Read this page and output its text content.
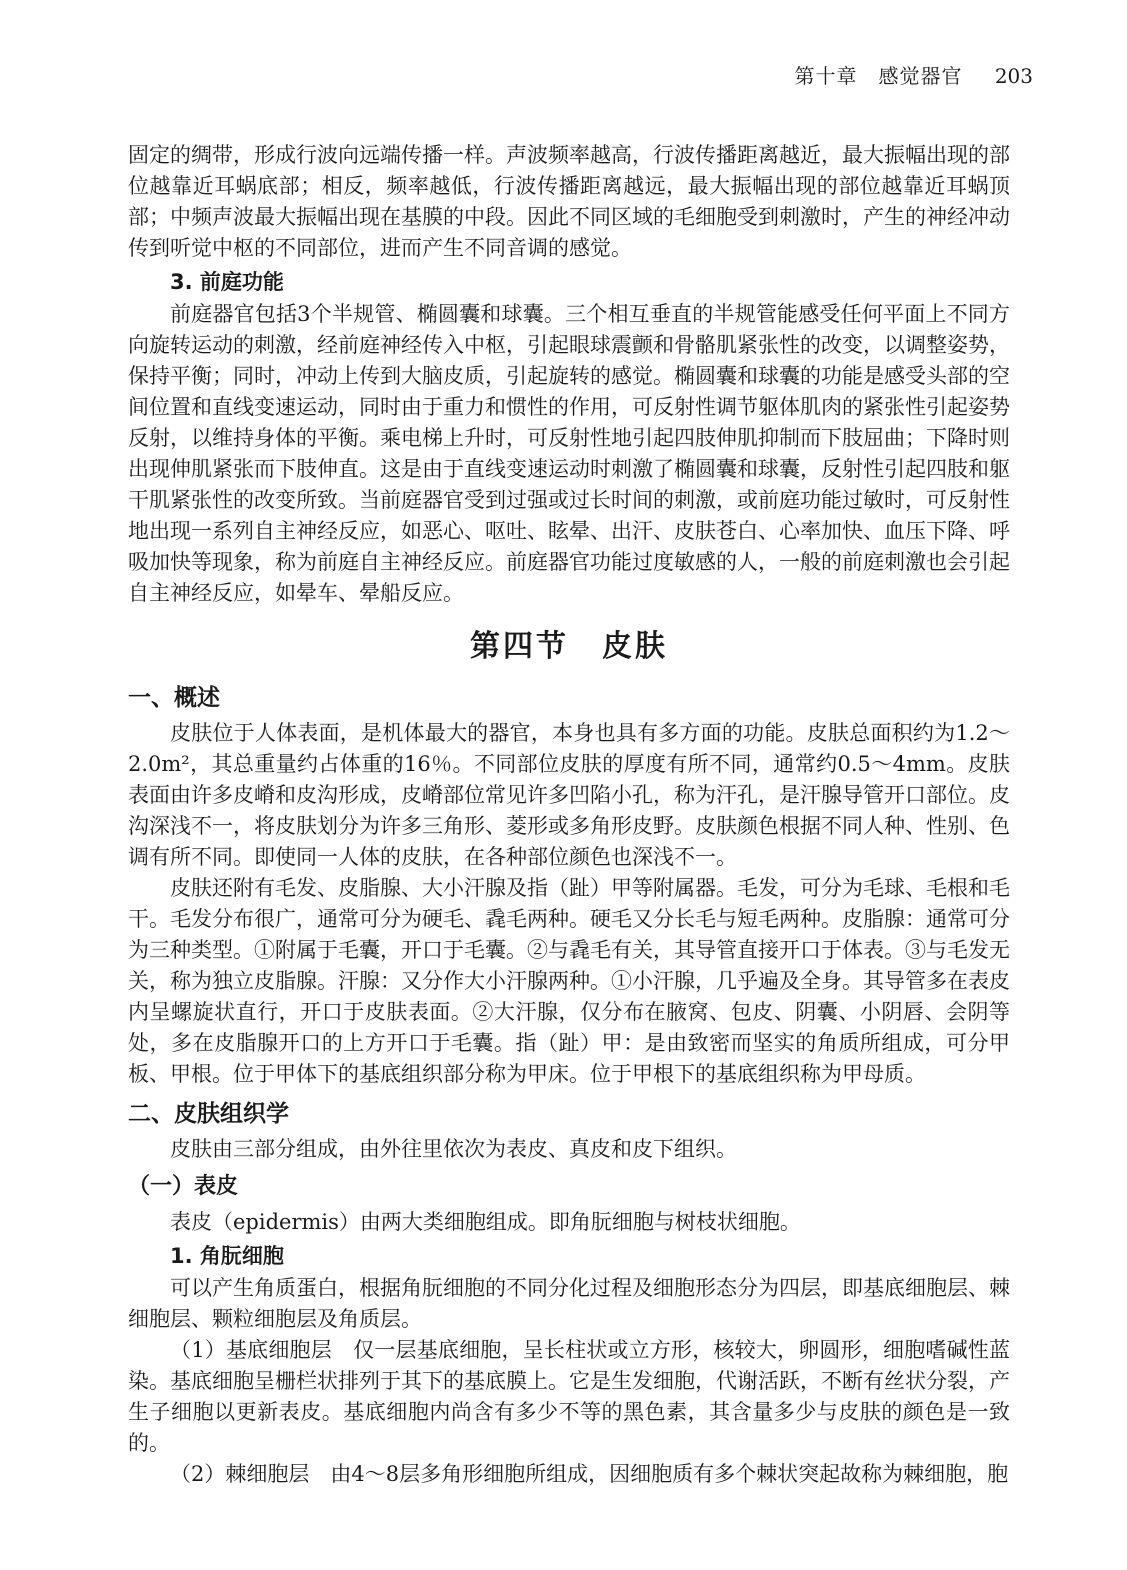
第十章　感觉器官 203

固定的绸带，形成行波向远端传播一样。声波频率越高，行波传播距离越近，最大振幅出现的部位越靠近耳蜗底部；相反，频率越低，行波传播距离越远，最大振幅出现的部位越靠近耳蜗顶部；中频声波最大振幅出现在基膜的中段。因此不同区域的毛细胞受到刺激时，产生的神经冲动传到听觉中枢的不同部位，进而产生不同音调的感觉。

3. 前庭功能

前庭器官包括3个半规管、椭圆囊和球囊。三个相互垂直的半规管能感受任何平面上不同方向旋转运动的刺激，经前庭神经传入中枢，引起眼球震颤和骨骼肌紧张性的改变，以调整姿势，保持平衡；同时，冲动上传到大脑皮质，引起旋转的感觉。椭圆囊和球囊的功能是感受头部的空间位置和直线变速运动，同时由于重力和惯性的作用，可反射性调节躯体肌肉的紧张性引起姿势反射，以维持身体的平衡。乘电梯上升时，可反射性地引起四肢伸肌抑制而下肢屈曲；下降时则出现伸肌紧张而下肢伸直。这是由于直线变速运动时刺激了椭圆囊和球囊，反射性引起四肢和躯干肌紧张性的改变所致。当前庭器官受到过强或过长时间的刺激，或前庭功能过敏时，可反射性地出现一系列自主神经反应，如恶心、呕吐、眩晕、出汗、皮肤苍白、心率加快、血压下降、呼吸加快等现象，称为前庭自主神经反应。前庭器官功能过度敏感的人，一般的前庭刺激也会引起自主神经反应，如晕车、晕船反应。

第四节　皮肤
一、概述

皮肤位于人体表面，是机体最大的器官，本身也具有多方面的功能。皮肤总面积约为1.2～2.0m²，其总重量约占体重的16％。不同部位皮肤的厚度有所不同，通常约0.5～4mm。皮肤表面由许多皮嵴和皮沟形成，皮嵴部位常见许多凹陷小孔，称为汗孔，是汗腺导管开口部位。皮沟深浅不一，将皮肤划分为许多三角形、菱形或多角形皮野。皮肤颜色根据不同人种、性别、色调有所不同。即使同一人体的皮肤，在各种部位颜色也深浅不一。

皮肤还附有毛发、皮脂腺、大小汗腺及指（趾）甲等附属器。毛发，可分为毛球、毛根和毛干。毛发分布很广，通常可分为硬毛、毳毛两种。硬毛又分长毛与短毛两种。皮脂腺：通常可分为三种类型。①附属于毛囊，开口于毛囊。②与毳毛有关，其导管直接开口于体表。③与毛发无关，称为独立皮脂腺。汗腺：又分作大小汗腺两种。①小汗腺，几乎遍及全身。其导管多在表皮内呈螺旋状直行，开口于皮肤表面。②大汗腺，仅分布在腋窝、包皮、阴囊、小阴唇、会阴等处，多在皮脂腺开口的上方开口于毛囊。指（趾）甲：是由致密而坚实的角质所组成，可分甲板、甲根。位于甲体下的基底组织部分称为甲床。位于甲根下的基底组织称为甲母质。

二、皮肤组织学

皮肤由三部分组成，由外往里依次为表皮、真皮和皮下组织。

（一）表皮

表皮（epidermis）由两大类细胞组成。即角朊细胞与树枝状细胞。

1. 角朊细胞

可以产生角质蛋白，根据角朊细胞的不同分化过程及细胞形态分为四层，即基底细胞层、棘细胞层、颗粒细胞层及角质层。

（1）基底细胞层　仅一层基底细胞，呈长柱状或立方形，核较大，卵圆形，细胞嗜碱性蓝染。基底细胞呈栅栏状排列于其下的基底膜上。它是生发细胞，代谢活跃，不断有丝状分裂，产生子细胞以更新表皮。基底细胞内尚含有多少不等的黑色素，其含量多少与皮肤的颜色是一致的。

（2）棘细胞层　由4～8层多角形细胞所组成，因细胞质有多个棘状突起故称为棘细胞，胞
